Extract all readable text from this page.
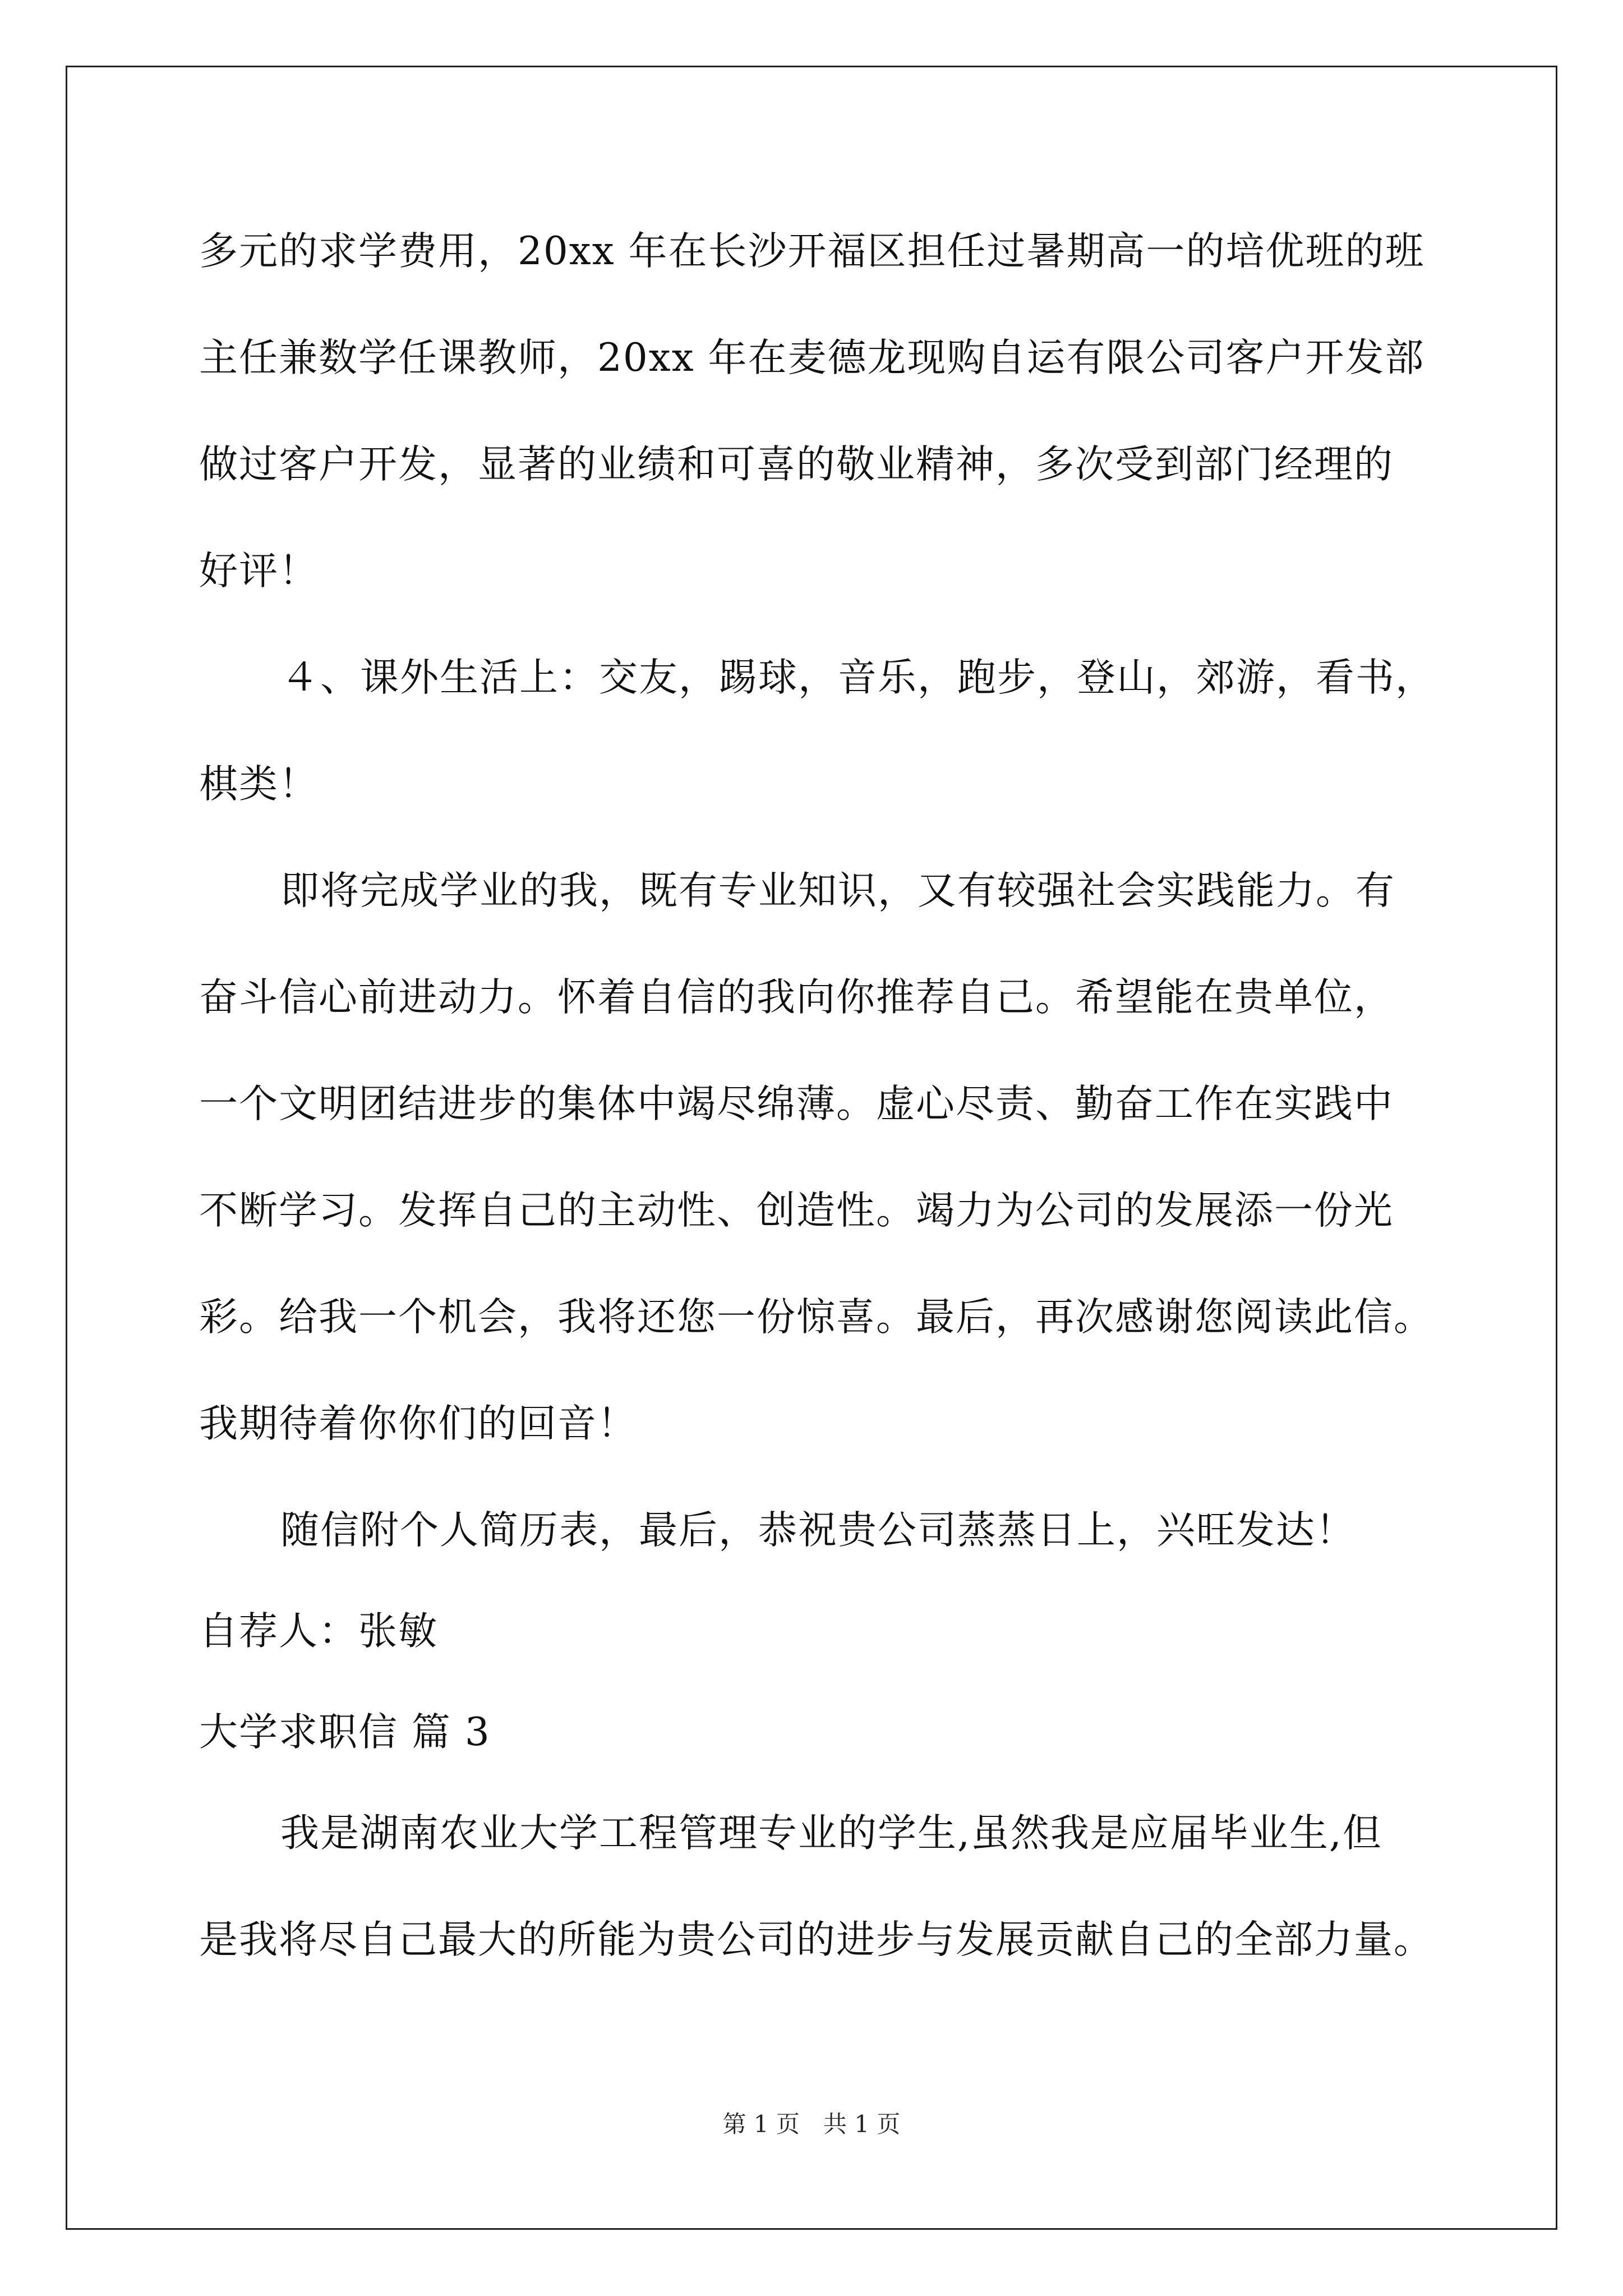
多元的求学费用，20xx 年在长沙开福区担任过暑期高一的培优班的班
主任兼数学任课教师，20xx 年在麦德龙现购自运有限公司客户开发部
做过客户开发，显著的业绩和可喜的敬业精神，多次受到部门经理的
好评！
４、课外生活上：交友，踢球，音乐，跑步，登山，郊游，看书，
棋类！
即将完成学业的我，既有专业知识，又有较强社会实践能力。有
奋斗信心前进动力。怀着自信的我向你推荐自己。希望能在贵单位，
一个文明团结进步的集体中竭尽绵薄。虚心尽责、勤奋工作在实践中
不断学习。发挥自己的主动性、创造性。竭力为公司的发展添一份光
彩。给我一个机会，我将还您一份惊喜。最后，再次感谢您阅读此信。
我期待着你你们的回音！
随信附个人简历表，最后，恭祝贵公司蒸蒸日上，兴旺发达！
自荐人：张敏
大学求职信 篇 3
我是湖南农业大学工程管理专业的学生,虽然我是应届毕业生,但
是我将尽自己最大的所能为贵公司的进步与发展贡献自己的全部力量。
第 1 页　共 1 页
